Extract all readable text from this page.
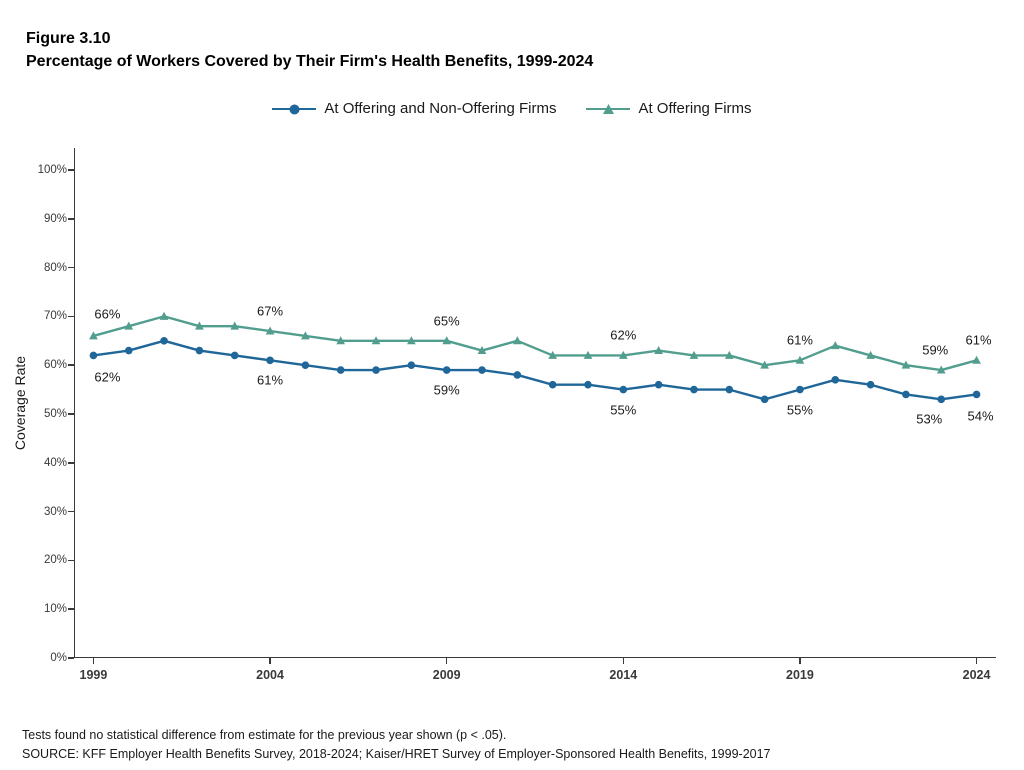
Figure 3.10
Percentage of Workers Covered by Their Firm's Health Benefits, 1999-2024
At Offering and Non-Offering Firms	At Offering Firms
Coverage Rate
0%
10%
20%
30%
40%
50%
60%
70%
80%
90%
100%
1999	2004	2009	2014	2019	2024
62%	61%
59%
55%	55%
53% 54%
66%	67%
65%
62%	61%
59%
61%
Tests found no statistical difference from estimate for the previous year shown (p < .05).
SOURCE: KFF Employer Health Benefits Survey, 2018-2024; Kaiser/HRET Survey of Employer-Sponsored Health Benefits, 1999-2017
